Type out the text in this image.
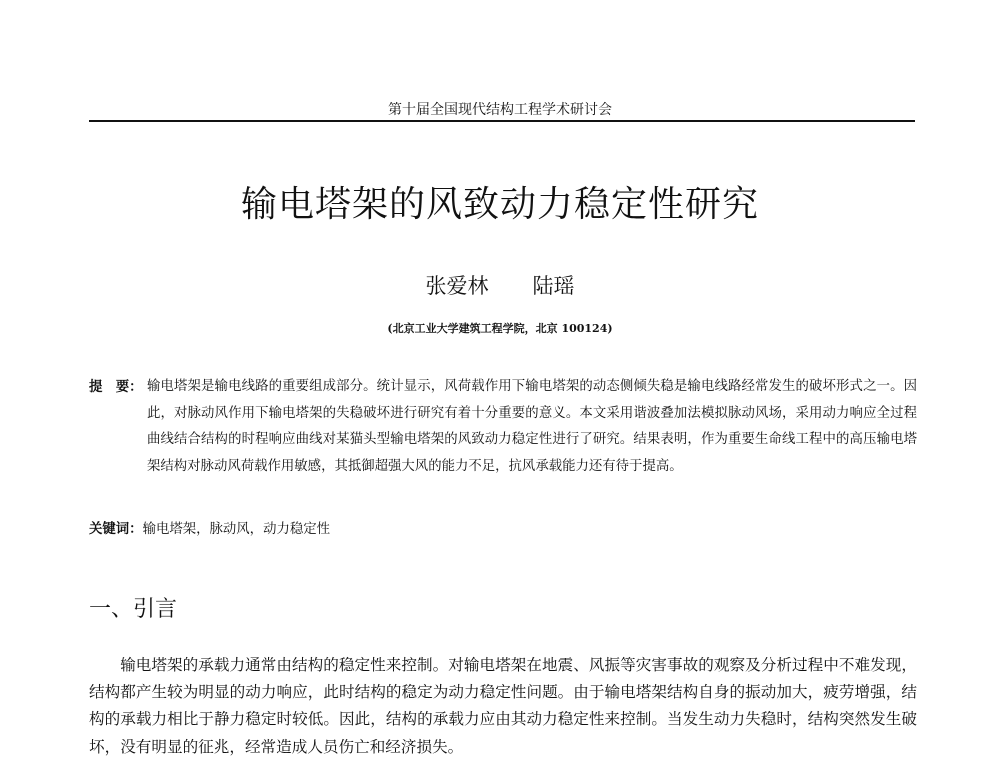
第十届全国现代结构工程学术研讨会
输电塔架的风致动力稳定性研究
张爱林 陆瑶
(北京工业大学建筑工程学院，北京 100124)
提　要： 输电塔架是输电线路的重要组成部分。统计显示，风荷载作用下输电塔架的动态侧倾失稳是输电线路经常发生的破坏形式之一。因此，对脉动风作用下输电塔架的失稳破坏进行研究有着十分重要的意义。本文采用谐波叠加法模拟脉动风场，采用动力响应全过程曲线结合结构的时程响应曲线对某猫头型输电塔架的风致动力稳定性进行了研究。结果表明，作为重要生命线工程中的高压输电塔架结构对脉动风荷载作用敏感，其抵御超强大风的能力不足，抗风承载能力还有待于提高。
关键词：输电塔架，脉动风，动力稳定性
一、引言
输电塔架的承载力通常由结构的稳定性来控制。对输电塔架在地震、风振等灾害事故的观察及分析过程中不难发现，结构都产生较为明显的动力响应，此时结构的稳定为动力稳定性问题。由于输电塔架结构自身的振动加大，疲劳增强，结构的承载力相比于静力稳定时较低。因此，结构的承载力应由其动力稳定性来控制。当发生动力失稳时，结构突然发生破坏，没有明显的征兆，经常造成人员伤亡和经济损失。
